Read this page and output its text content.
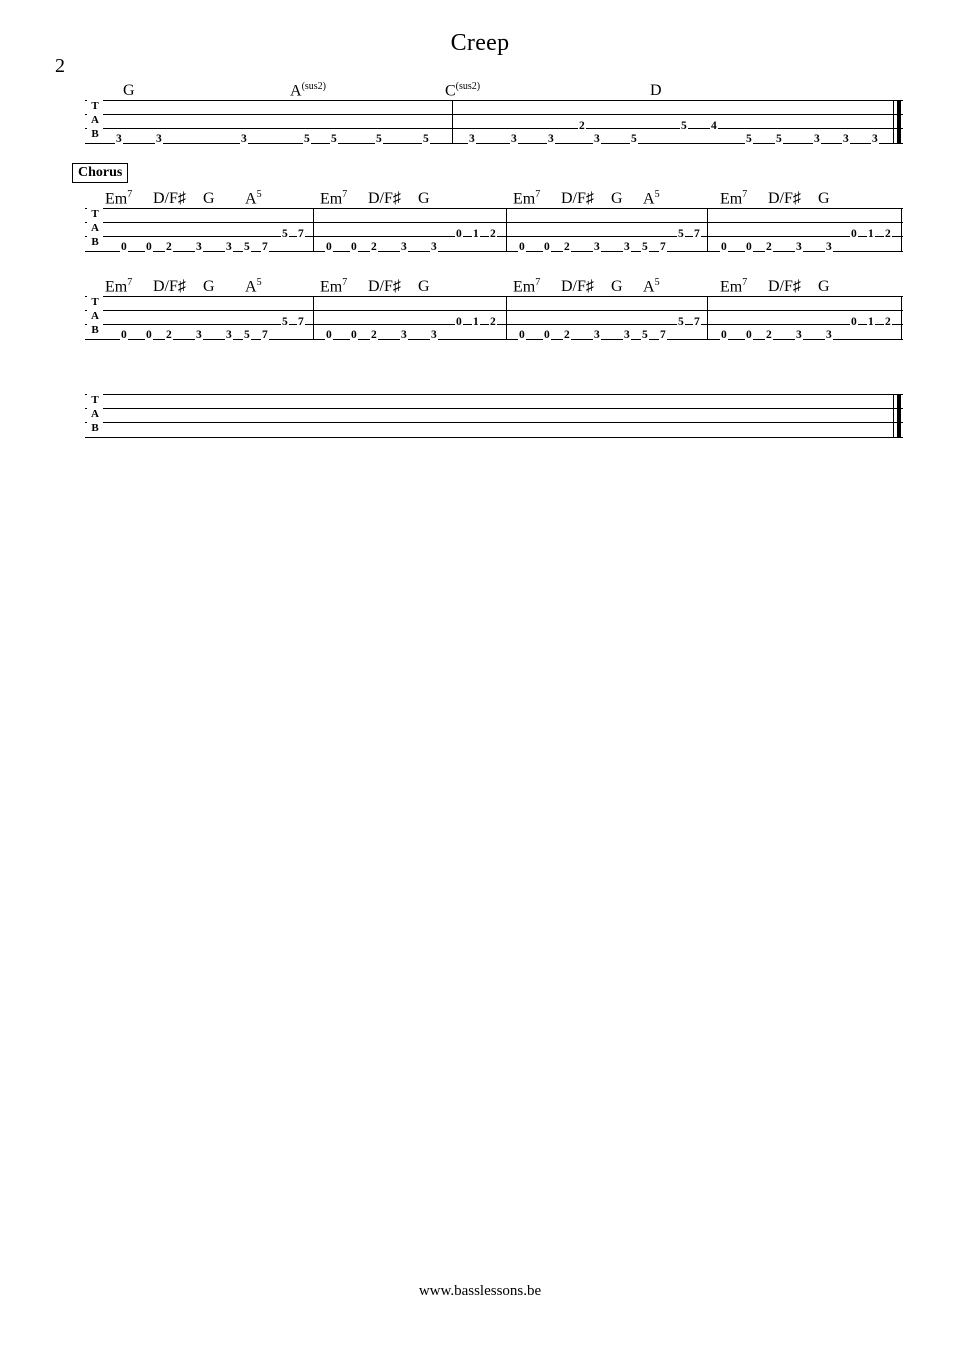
2
Creep
G	$A^{(sus2)}$	$C^{(sus2)}$	D
T
A
B	3	3	3	5 5	5	5	3	3	3	3	5
2	5 4
5 5	3 3 3
Chorus
Em$^7$ D/F♯ G $A^5$	Em$^7$ D/F♯ G	Em$^7$ D/F♯ G $A^5$	Em$^7$ D/F♯ G
T
A
B	0 0 2 3 3 5 7
5 7
0 0 2 3 3
0 1 2
0 0 2 3 3 5 7
5 7
0 0 2 3 3
0 1 2
Em$^7$ D/F♯ G $A^5$	Em$^7$ D/F♯ G	Em$^7$ D/F♯ G $A^5$	Em$^7$ D/F♯ G
T
A
B	0 0 2 3 3 5 7
5 7
0 0 2 3 3
0 1 2
0 0 2 3 3 5 7
5 7
0 0 2 3 3
0 1 2
T
A
B
www.basslessons.be
